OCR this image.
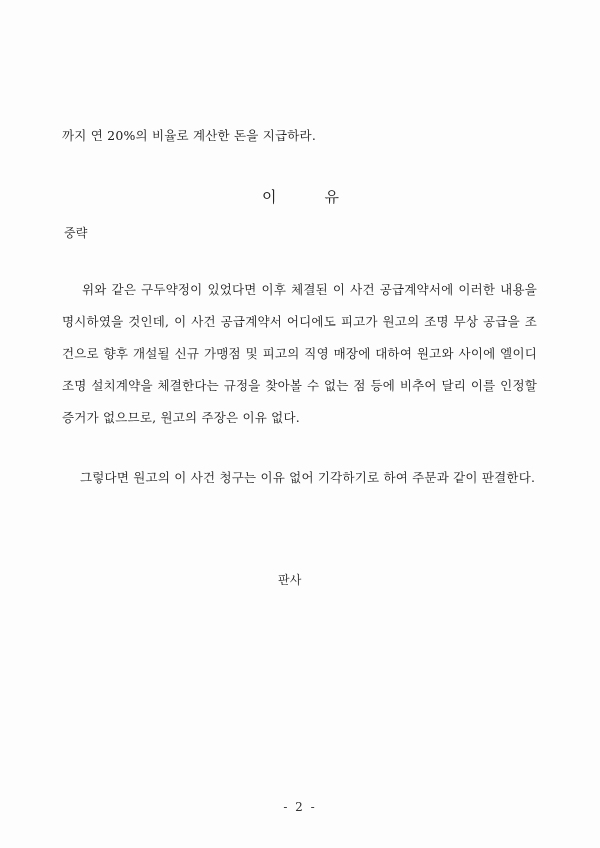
까지 연 20%의 비율로 계산한 돈을 지급하라.
이	유
중략
위와 같은 구두약정이 있었다면 이후 체결된 이 사건 공급계약서에 이러한 내용을
명시하였을 것인데, 이 사건 공급계약서 어디에도 피고가 원고의 조명 무상 공급을 조
건으로 향후 개설될 신규 가맹점 및 피고의 직영 매장에 대하여 원고와 사이에 엘이디
조명 설치계약을 체결한다는 규정을 찾아볼 수 없는 점 등에 비추어 달리 이를 인정할
증거가 없으므로, 원고의 주장은 이유 없다.
그렇다면 원고의 이 사건 청구는 이유 없어 기각하기로 하여 주문과 같이 판결한다.
판사
- 2 -
